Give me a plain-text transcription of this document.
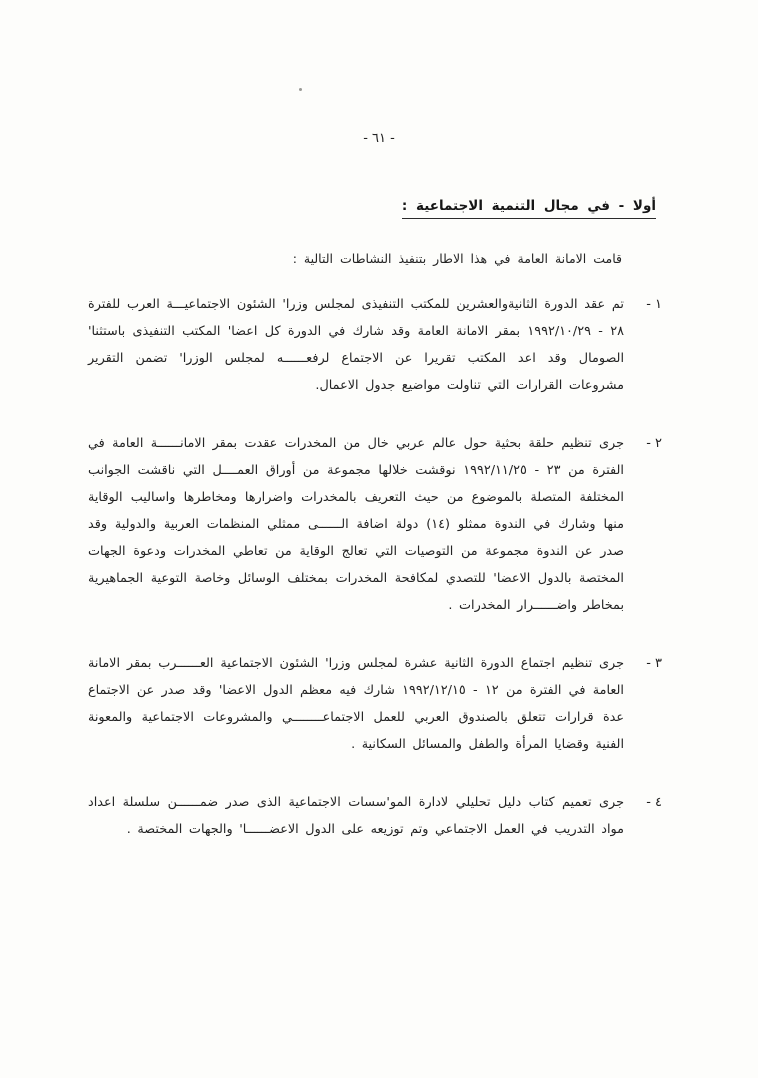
- ٦١ -
أولا - في مجال التنمية الاجتماعية :
قامت الامانة العامة في هذا الاطار بتنفيذ النشاطات التالية :
١ -

تم عقد الدورة الثانيةوالعشرين للمكتب التنفيذى لمجلس وزرا' الشئون الاجتماعيـــة العرب للفترة ٢٨ - ١٩٩٢/١٠/٢٩ بمقر الامانة العامة وقد شارك في الدورة كل اعضا' المكتب التنفيذى باستثنا' الصومال وقد اعد المكتب تقريرا عن الاجتماع لرفعــــــه لمجلس الوزرا' تضمن التقرير مشروعات القرارات التي تناولت مواضيع جدول الاعمال.

٢ -

جرى تنظيم حلقة بحثية حول عالم عربي خال من المخدرات عقدت بمقر الامانــــــة العامة في الفترة من ٢٣ - ١٩٩٢/١١/٢٥ نوقشت خلالها مجموعة من أوراق العمــــل التي ناقشت الجوانب المختلفة المتصلة بالموضوع من حيث التعريف بالمخدرات واضرارها ومخاطرها واساليب الوقاية منها وشارك في الندوة ممثلو (١٤) دولة اضافة الــــــى ممثلي المنظمات العربية والدولية وقد صدر عن الندوة مجموعة من التوصيات التي تعالج الوقاية من تعاطي المخدرات ودعوة الجهات المختصة بالدول الاعضا' للتصدي لمكافحة المخدرات بمختلف الوسائل وخاصة التوعية الجماهيرية بمخاطر واضــــــرار المخدرات .

٣ -

جرى تنظيم اجتماع الدورة الثانية عشرة لمجلس وزرا' الشئون الاجتماعية العــــــرب بمقر الامانة العامة في الفترة من ١٢ - ١٩٩٢/١٢/١٥ شارك فيه معظم الدول الاعضا' وقد صدر عن الاجتماع عدة قرارات تتعلق بالصندوق العربي للعمل الاجتماعــــــــي والمشروعات الاجتماعية والمعونة الفنية وقضايا المرأة والطفل والمسائل السكانية .

٤ -

جرى تعميم كتاب دليل تحليلي لادارة المو'سسات الاجتماعية الذى صدر ضمــــــن سلسلة اعداد مواد التدريب في العمل الاجتماعي وتم توزيعه على الدول الاعضــــــا' والجهات المختصة .
